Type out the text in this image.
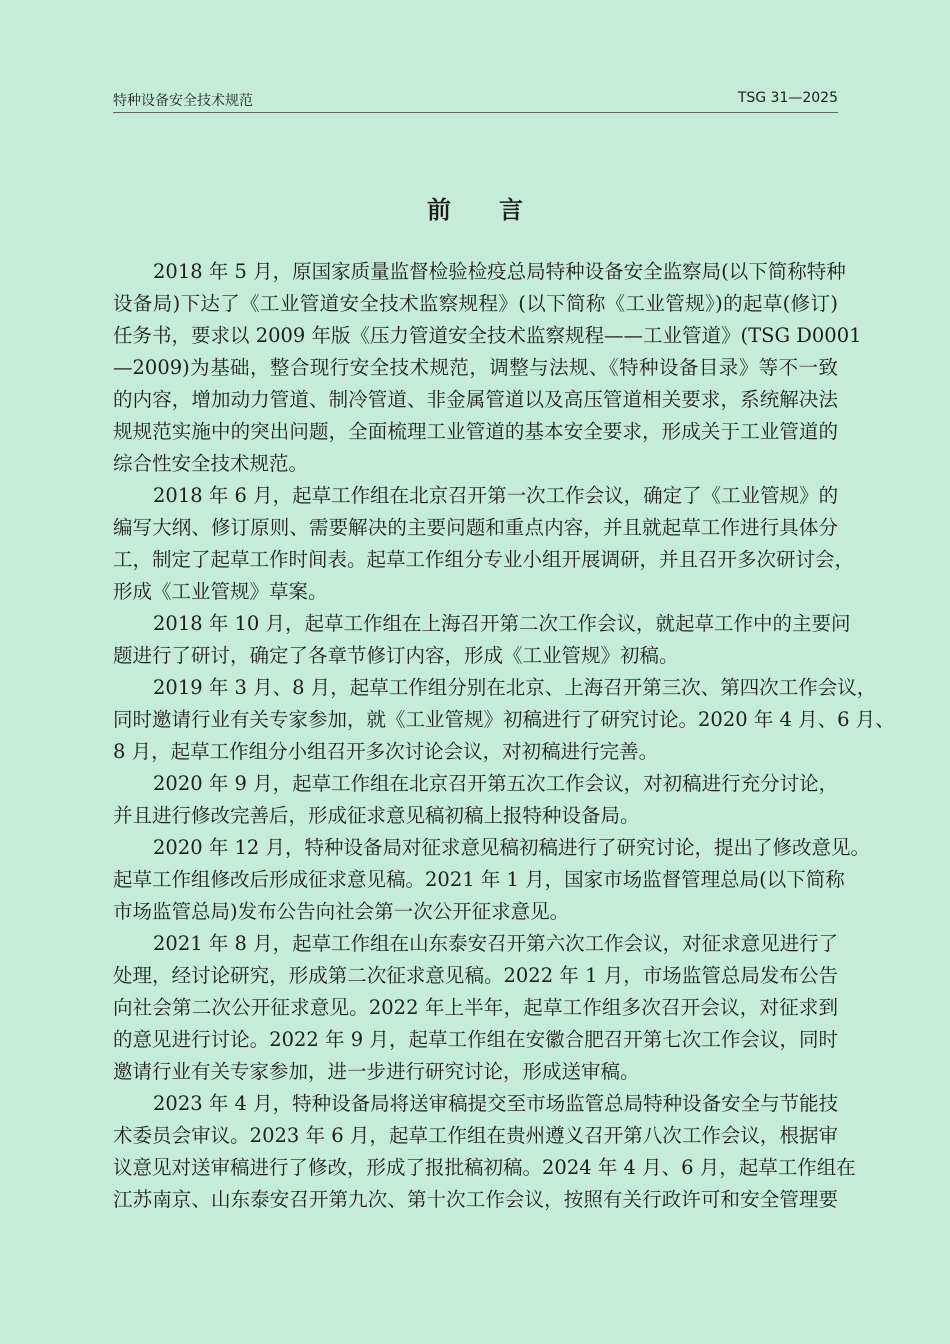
特种设备安全技术规范	TSG 31—2025
前言
2018 年 5 月，原国家质量监督检验检疫总局特种设备安全监察局(以下简称特种
设备局)下达了《工业管道安全技术监察规程》(以下简称《工业管规》)的起草(修订)
任务书，要求以 2009 年版《压力管道安全技术监察规程——工业管道》(TSG D0001
—2009)为基础，整合现行安全技术规范，调整与法规、《特种设备目录》等不一致
的内容，增加动力管道、制冷管道、非金属管道以及高压管道相关要求，系统解决法
规规范实施中的突出问题，全面梳理工业管道的基本安全要求，形成关于工业管道的
综合性安全技术规范。
2018 年 6 月，起草工作组在北京召开第一次工作会议，确定了《工业管规》的
编写大纲、修订原则、需要解决的主要问题和重点内容，并且就起草工作进行具体分
工，制定了起草工作时间表。起草工作组分专业小组开展调研，并且召开多次研讨会，
形成《工业管规》草案。
2018 年 10 月，起草工作组在上海召开第二次工作会议，就起草工作中的主要问
题进行了研讨，确定了各章节修订内容，形成《工业管规》初稿。
2019 年 3 月、8 月，起草工作组分别在北京、上海召开第三次、第四次工作会议，
同时邀请行业有关专家参加，就《工业管规》初稿进行了研究讨论。2020 年 4 月、6 月、
8 月，起草工作组分小组召开多次讨论会议，对初稿进行完善。
2020 年 9 月，起草工作组在北京召开第五次工作会议，对初稿进行充分讨论，
并且进行修改完善后，形成征求意见稿初稿上报特种设备局。
2020 年 12 月，特种设备局对征求意见稿初稿进行了研究讨论，提出了修改意见。
起草工作组修改后形成征求意见稿。2021 年 1 月，国家市场监督管理总局(以下简称
市场监管总局)发布公告向社会第一次公开征求意见。
2021 年 8 月，起草工作组在山东泰安召开第六次工作会议，对征求意见进行了
处理，经讨论研究，形成第二次征求意见稿。2022 年 1 月，市场监管总局发布公告
向社会第二次公开征求意见。2022 年上半年，起草工作组多次召开会议，对征求到
的意见进行讨论。2022 年 9 月，起草工作组在安徽合肥召开第七次工作会议，同时
邀请行业有关专家参加，进一步进行研究讨论，形成送审稿。
2023 年 4 月，特种设备局将送审稿提交至市场监管总局特种设备安全与节能技
术委员会审议。2023 年 6 月，起草工作组在贵州遵义召开第八次工作会议，根据审
议意见对送审稿进行了修改，形成了报批稿初稿。2024 年 4 月、6 月，起草工作组在
江苏南京、山东泰安召开第九次、第十次工作会议，按照有关行政许可和安全管理要
